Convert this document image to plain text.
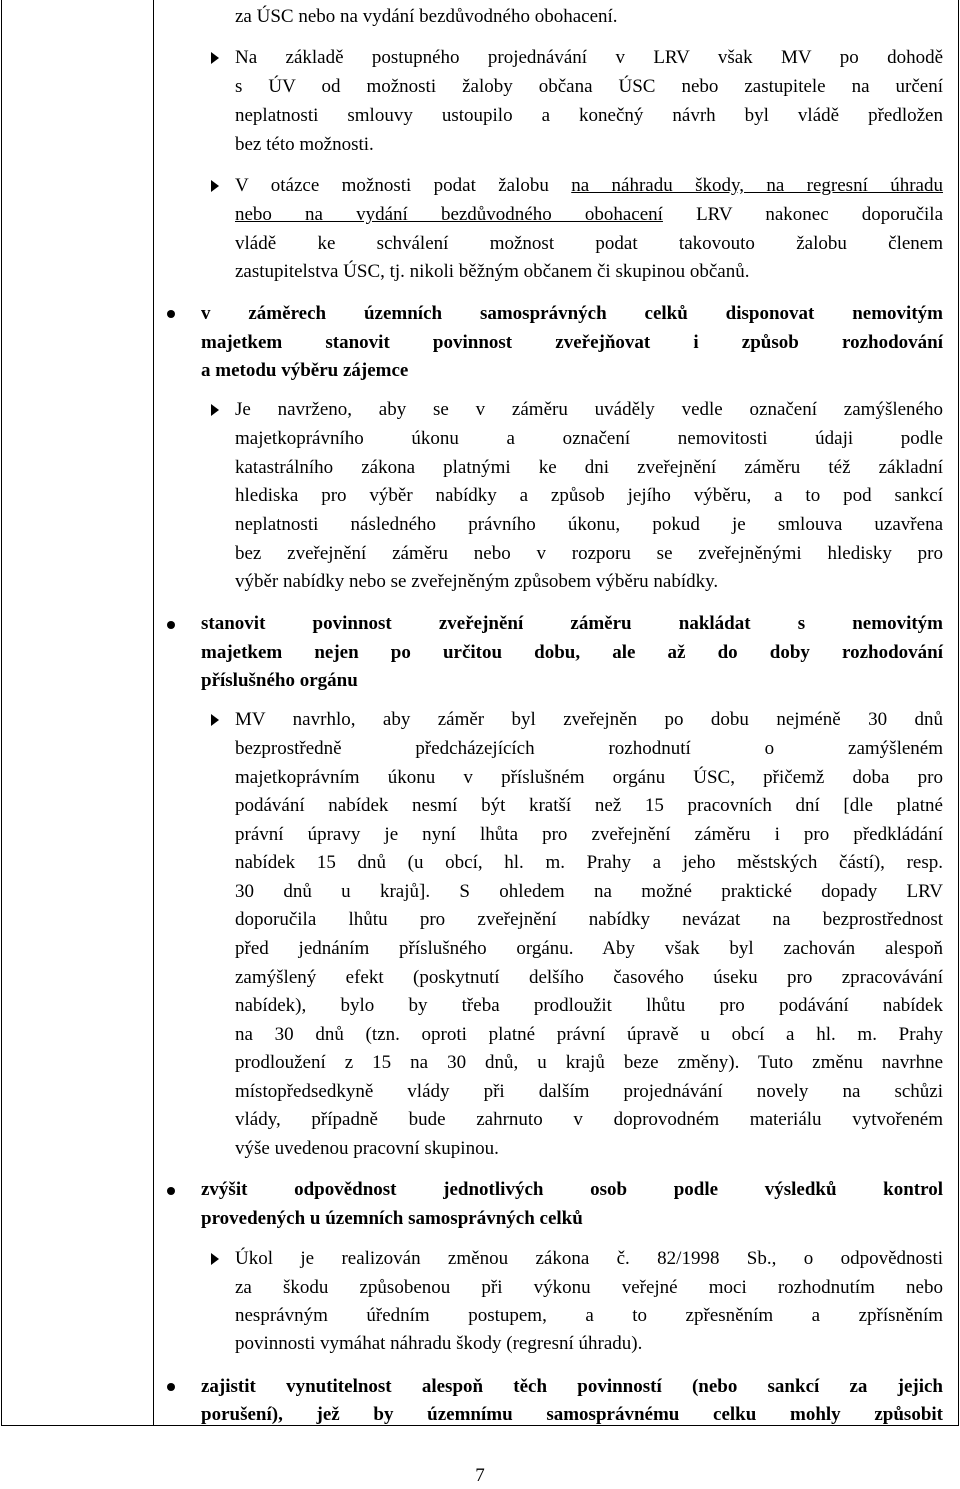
za ÚSC nebo na vydání bezdůvodného obohacení.
Na základě postupného projednávání v LRV však MV po dohodě
s ÚV od možnosti žaloby občana ÚSC nebo zastupitele na určení
neplatnosti smlouvy ustoupilo a konečný návrh byl vládě předložen
bez této možnosti.
V otázce možnosti podat žalobu na náhradu škody, na regresní úhradu
nebo na vydání bezdůvodného obohacení LRV nakonec doporučila
vládě ke schválení možnost podat takovouto žalobu členem
zastupitelstva ÚSC, tj. nikoli běžným občanem či skupinou občanů.
v záměrech územních samosprávných celků disponovat nemovitým
majetkem stanovit povinnost zveřejňovat i způsob rozhodování
a metodu výběru zájemce
Je navrženo, aby se v záměru uváděly vedle označení zamýšleného
majetkoprávního úkonu a označení nemovitosti údaji podle
katastrálního zákona platnými ke dni zveřejnění záměru též základní
hlediska pro výběr nabídky a způsob jejího výběru, a to pod sankcí
neplatnosti následného právního úkonu, pokud je smlouva uzavřena
bez zveřejnění záměru nebo v rozporu se zveřejněnými hledisky pro
výběr nabídky nebo se zveřejněným způsobem výběru nabídky.
stanovit povinnost zveřejnění záměru nakládat s nemovitým
majetkem nejen po určitou dobu, ale až do doby rozhodování
příslušného orgánu
MV navrhlo, aby záměr byl zveřejněn po dobu nejméně 30 dnů
bezprostředně předcházejících rozhodnutí o zamýšleném
majetkoprávním úkonu v příslušném orgánu ÚSC, přičemž doba pro
podávání nabídek nesmí být kratší než 15 pracovních dní [dle platné
právní úpravy je nyní lhůta pro zveřejnění záměru i pro předkládání
nabídek 15 dnů (u obcí, hl. m. Prahy a jeho městských částí), resp.
30 dnů u krajů]. S ohledem na možné praktické dopady LRV
doporučila lhůtu pro zveřejnění nabídky nevázat na bezprostřednost
před jednáním příslušného orgánu. Aby však byl zachován alespoň
zamýšlený efekt (poskytnutí delšího časového úseku pro zpracovávání
nabídek), bylo by třeba prodloužit lhůtu pro podávání nabídek
na 30 dnů (tzn. oproti platné právní úpravě u obcí a hl. m. Prahy
prodloužení z 15 na 30 dnů, u krajů beze změny). Tuto změnu navrhne
místopředsedkyně vlády při dalším projednávání novely na schůzi
vlády, případně bude zahrnuto v doprovodném materiálu vytvořeném
výše uvedenou pracovní skupinou.
zvýšit odpovědnost jednotlivých osob podle výsledků kontrol
provedených u územních samosprávných celků
Úkol je realizován změnou zákona č. 82/1998 Sb., o odpovědnosti
za škodu způsobenou při výkonu veřejné moci rozhodnutím nebo
nesprávným úředním postupem, a to zpřesněním a zpřísněním
povinnosti vymáhat náhradu škody (regresní úhradu).
zajistit vynutitelnost alespoň těch povinností (nebo sankcí za jejich
porušení), jež by územnímu samosprávnému celku mohly způsobit
7
